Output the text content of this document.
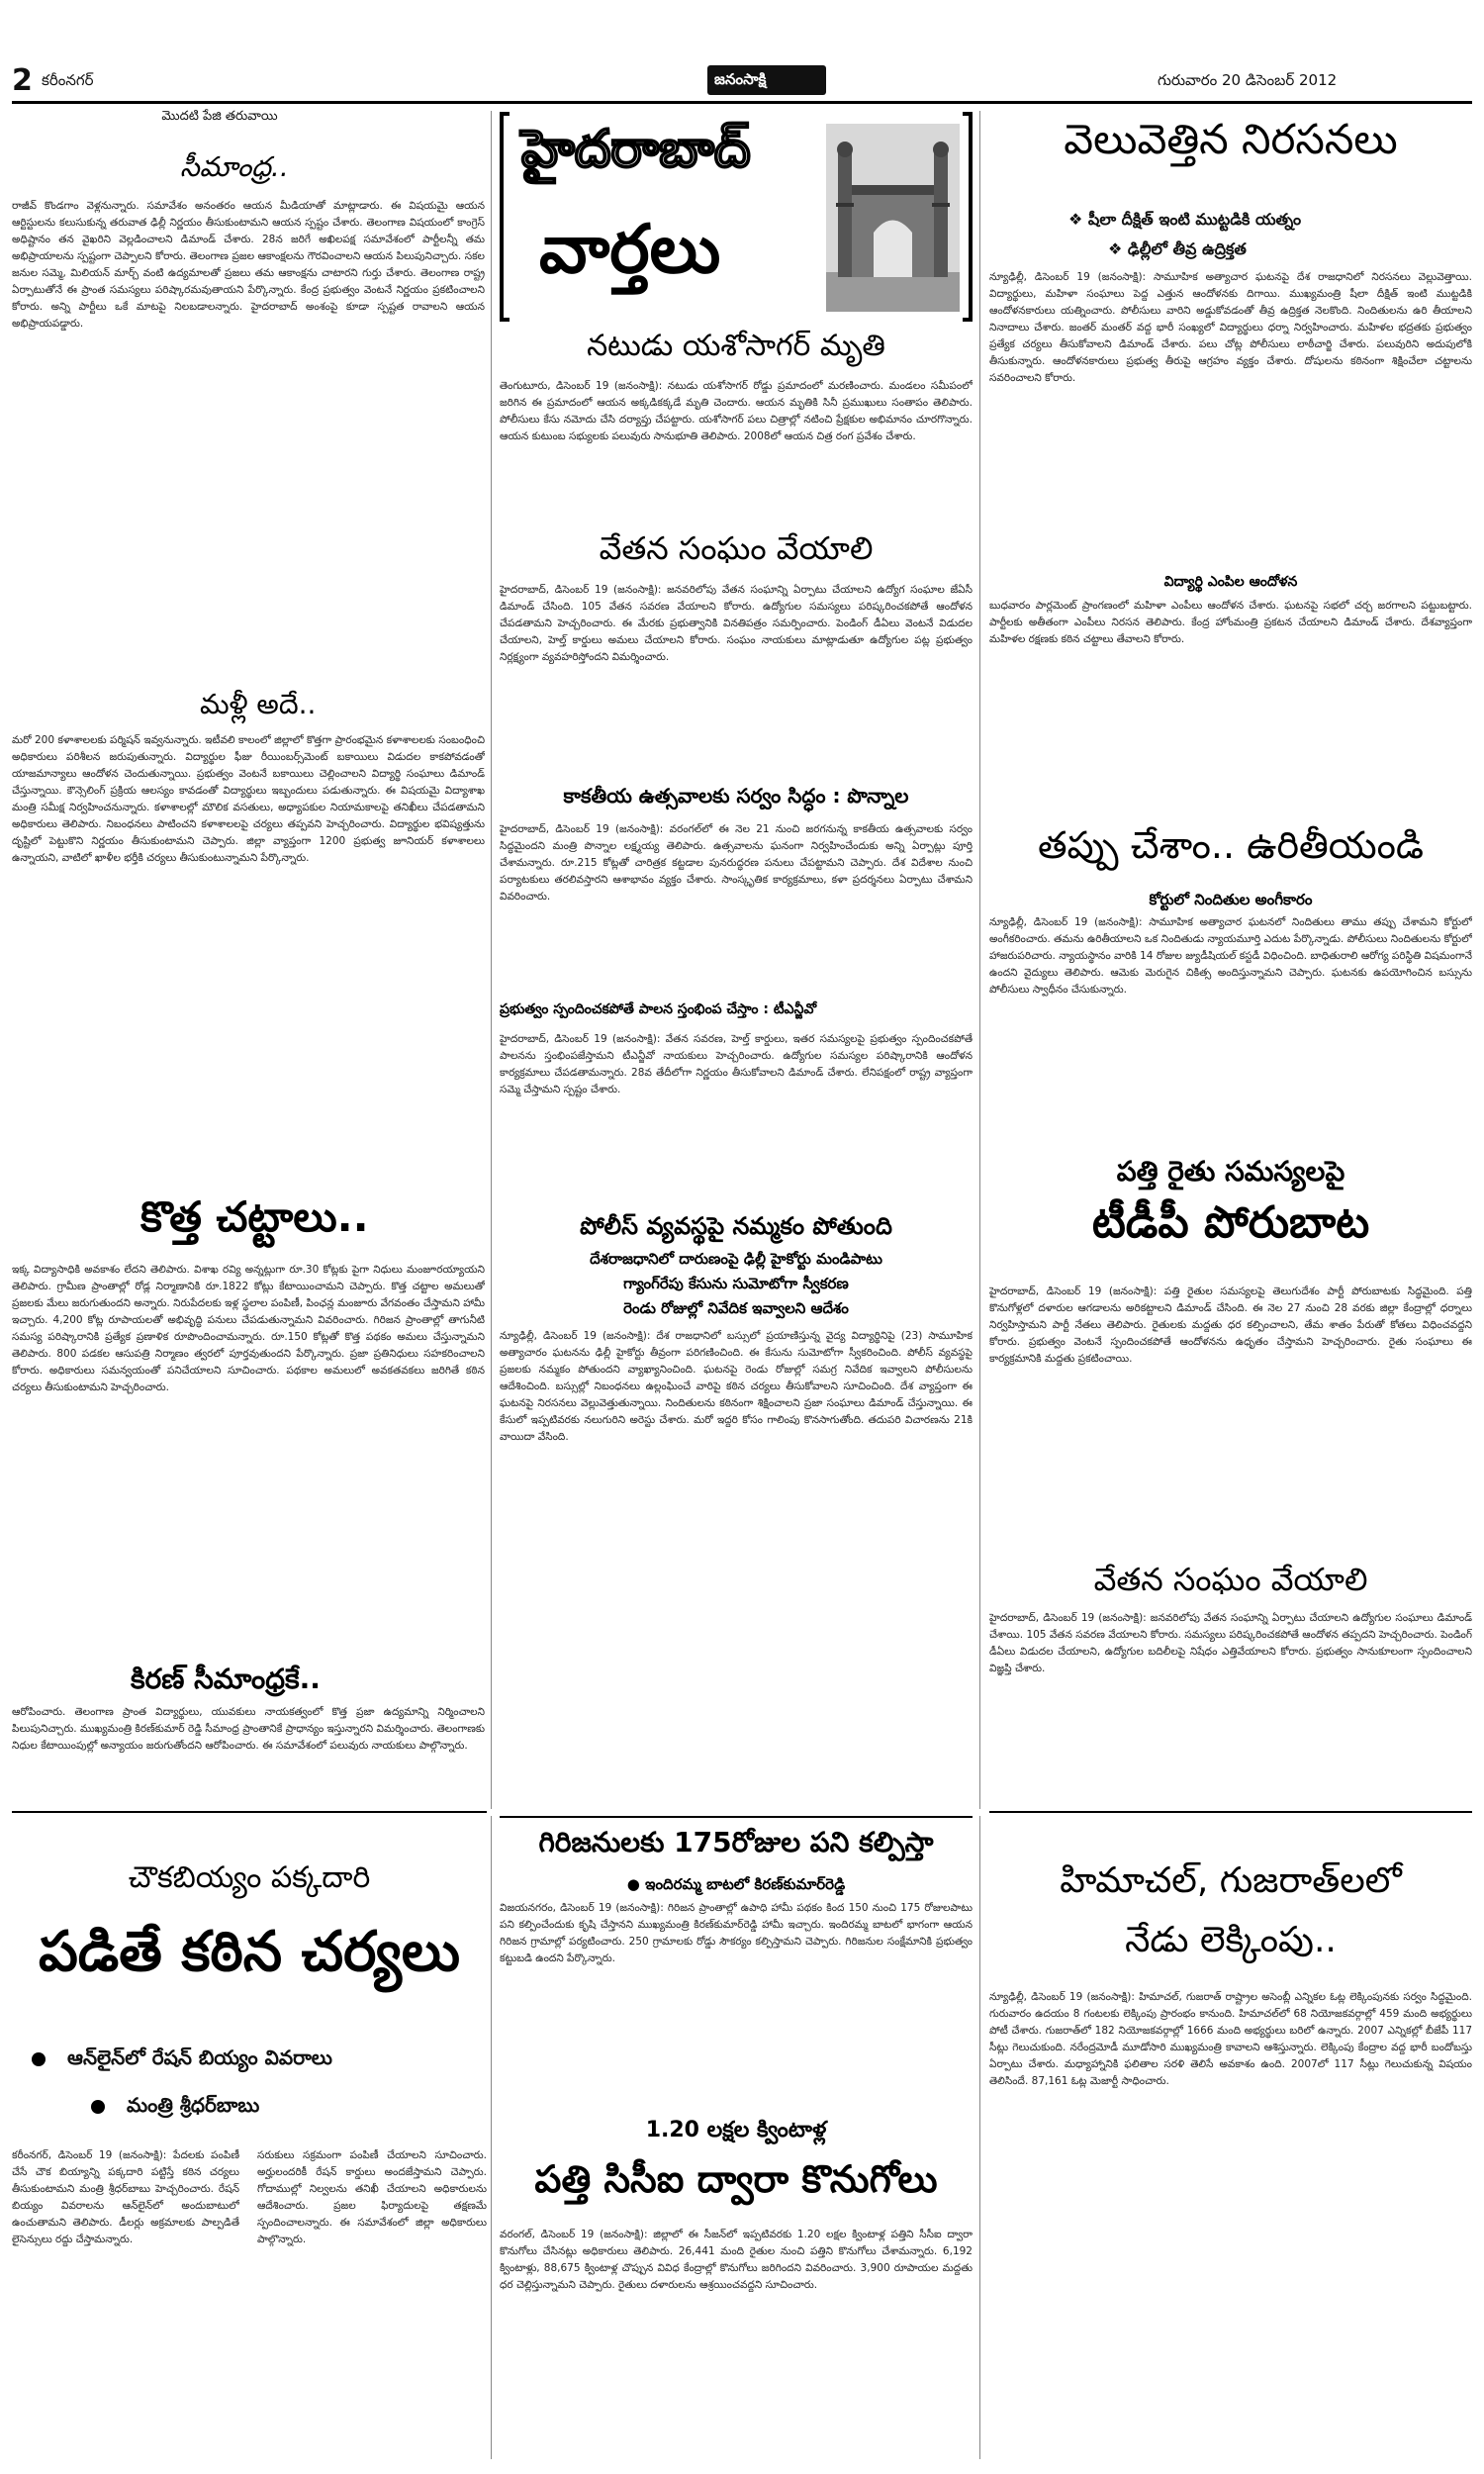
2 కరీంనగర్	జనంసాక్షి	గురువారం 20 డిసెంబర్ 2012
మొదటి పేజి తరువాయి
సీమాంధ్ర..
రాజీవ్‌ కొండగాం వెళ్లనున్నారు. సమావేశం అనంతరం ఆయన మీడియాతో మాట్లాడారు. ఈ విషయమై ఆయన ఆర్టిస్టులను కలుసుకున్న తరువాత ఢిల్లీ నిర్ణయం తీసుకుంటామని ఆయన స్పష్టం చేశారు. తెలంగాణ విషయంలో కాంగ్రెస్‌ అధిష్టానం తన వైఖరిని వెల్లడించాలని డిమాండ్‌ చేశారు. 28న జరిగే అఖిలపక్ష సమావేశంలో పార్టీలన్నీ తమ అభిప్రాయాలను స్పష్టంగా చెప్పాలని కోరారు. తెలంగాణ ప్రజల ఆకాంక్షలను గౌరవించాలని ఆయన పిలుపునిచ్చారు. సకల జనుల సమ్మె, మిలియన్‌ మార్చ్‌ వంటి ఉద్యమాలతో ప్రజలు తమ ఆకాంక్షను చాటారని గుర్తు చేశారు. తెలంగాణ రాష్ట్ర ఏర్పాటుతోనే ఈ ప్రాంత సమస్యలు పరిష్కారమవుతాయని పేర్కొన్నారు. కేంద్ర ప్రభుత్వం వెంటనే నిర్ణయం ప్రకటించాలని కోరారు. అన్ని పార్టీలు ఒకే మాటపై నిలబడాలన్నారు. హైదరాబాద్‌ అంశంపై కూడా స్పష్టత రావాలని ఆయన అభిప్రాయపడ్డారు.
మళ్లీ అదే..
మరో 200 కళాశాలలకు పర్మిషన్‌ ఇవ్వనున్నారు. ఇటీవలి కాలంలో జిల్లాలో కొత్తగా ప్రారంభమైన కళాశాలలకు సంబంధించి అధికారులు పరిశీలన జరుపుతున్నారు. విద్యార్థుల ఫీజు రీయింబర్స్‌మెంట్‌ బకాయిలు విడుదల కాకపోవడంతో యాజమాన్యాలు ఆందోళన చెందుతున్నాయి. ప్రభుత్వం వెంటనే బకాయిలు చెల్లించాలని విద్యార్థి సంఘాలు డిమాండ్‌ చేస్తున్నాయి. కౌన్సెలింగ్‌ ప్రక్రియ ఆలస్యం కావడంతో విద్యార్థులు ఇబ్బందులు పడుతున్నారు. ఈ విషయమై విద్యాశాఖ మంత్రి సమీక్ష నిర్వహించనున్నారు. కళాశాలల్లో మౌలిక వసతులు, అధ్యాపకుల నియామకాలపై తనిఖీలు చేపడతామని అధికారులు తెలిపారు. నిబంధనలు పాటించని కళాశాలలపై చర్యలు తప్పవని హెచ్చరించారు. విద్యార్థుల భవిష్యత్తును దృష్టిలో పెట్టుకొని నిర్ణయం తీసుకుంటామని చెప్పారు. జిల్లా వ్యాప్తంగా 1200 ప్రభుత్వ జూనియర్‌ కళాశాలలు ఉన్నాయని, వాటిలో ఖాళీల భర్తీకి చర్యలు తీసుకుంటున్నామని పేర్కొన్నారు.
కొత్త చట్టాలు..
ఇక్క విద్యాసాధికి అవకాశం లేదని తెలిపారు. విశాఖ రవ్యి అన్నట్లుగా రూ.30 కోట్లకు పైగా నిధులు మంజూరయ్యాయని తెలిపారు. గ్రామీణ ప్రాంతాల్లో రోడ్ల నిర్మాణానికి రూ.1822 కోట్లు కేటాయించామని చెప్పారు. కొత్త చట్టాల అమలుతో ప్రజలకు మేలు జరుగుతుందని అన్నారు. నిరుపేదలకు ఇళ్ల స్థలాల పంపిణీ, పింఛన్ల మంజూరు వేగవంతం చేస్తామని హామీ ఇచ్చారు. 4,200 కోట్ల రూపాయలతో అభివృద్ధి పనులు చేపడుతున్నామని వివరించారు. గిరిజన ప్రాంతాల్లో తాగునీటి సమస్య పరిష్కారానికి ప్రత్యేక ప్రణాళిక రూపొందించామన్నారు. రూ.150 కోట్లతో కొత్త పథకం అమలు చేస్తున్నామని తెలిపారు. 800 పడకల ఆసుపత్రి నిర్మాణం త్వరలో పూర్తవుతుందని పేర్కొన్నారు. ప్రజా ప్రతినిధులు సహకరించాలని కోరారు. అధికారులు సమన్వయంతో పనిచేయాలని సూచించారు. పథకాల అమలులో అవకతవకలు జరిగితే కఠిన చర్యలు తీసుకుంటామని హెచ్చరించారు.
కిరణ్‌ సీమాంధ్రకే..
ఆరోపించారు. తెలంగాణ ప్రాంత విద్యార్థులు, యువకులు నాయకత్వంలో కొత్త ప్రజా ఉద్యమాన్ని నిర్మించాలని పిలుపునిచ్చారు. ముఖ్యమంత్రి కిరణ్‌కుమార్‌ రెడ్డి సీమాంధ్ర ప్రాంతానికే ప్రాధాన్యం ఇస్తున్నారని విమర్శించారు. తెలంగాణకు నిధుల కేటాయింపుల్లో అన్యాయం జరుగుతోందని ఆరోపించారు. ఈ సమావేశంలో పలువురు నాయకులు పాల్గొన్నారు.
హైదరాబాద్
వార్తలు
నటుడు యశోసాగర్‌ మృతి
తెంగుటూరు, డిసెంబర్‌ 19 (జనంసాక్షి): నటుడు యశోసాగర్‌ రోడ్డు ప్రమాదంలో మరణించారు. మండలం సమీపంలో జరిగిన ఈ ప్రమాదంలో ఆయన అక్కడికక్కడే మృతి చెందారు. ఆయన మృతికి సినీ ప్రముఖులు సంతాపం తెలిపారు. పోలీసులు కేసు నమోదు చేసి దర్యాప్తు చేపట్టారు. యశోసాగర్‌ పలు చిత్రాల్లో నటించి ప్రేక్షకుల అభిమానం చూరగొన్నారు. ఆయన కుటుంబ సభ్యులకు పలువురు సానుభూతి తెలిపారు. 2008లో ఆయన చిత్ర రంగ ప్రవేశం చేశారు.
వేతన సంఘం వేయాలి
హైదరాబాద్‌, డిసెంబర్‌ 19 (జనంసాక్షి): జనవరిలోపు వేతన సంఘాన్ని ఏర్పాటు చేయాలని ఉద్యోగ సంఘాల జేఏసీ డిమాండ్‌ చేసింది. 105 వేతన సవరణ వేయాలని కోరారు. ఉద్యోగుల సమస్యలు పరిష్కరించకపోతే ఆందోళన చేపడతామని హెచ్చరించారు. ఈ మేరకు ప్రభుత్వానికి వినతిపత్రం సమర్పించారు. పెండింగ్‌ డీఏలు వెంటనే విడుదల చేయాలని, హెల్త్‌ కార్డులు అమలు చేయాలని కోరారు. సంఘం నాయకులు మాట్లాడుతూ ఉద్యోగుల పట్ల ప్రభుత్వం నిర్లక్ష్యంగా వ్యవహరిస్తోందని విమర్శించారు.
కాకతీయ ఉత్సవాలకు సర్వం సిద్ధం : పొన్నాల
హైదరాబాద్‌, డిసెంబర్‌ 19 (జనంసాక్షి): వరంగల్‌లో ఈ నెల 21 నుంచి జరగనున్న కాకతీయ ఉత్సవాలకు సర్వం సిద్ధమైందని మంత్రి పొన్నాల లక్ష్మయ్య తెలిపారు. ఉత్సవాలను ఘనంగా నిర్వహించేందుకు అన్ని ఏర్పాట్లు పూర్తి చేశామన్నారు. రూ.215 కోట్లతో చారిత్రక కట్టడాల పునరుద్ధరణ పనులు చేపట్టామని చెప్పారు. దేశ విదేశాల నుంచి పర్యాటకులు తరలివస్తారని ఆశాభావం వ్యక్తం చేశారు. సాంస్కృతిక కార్యక్రమాలు, కళా ప్రదర్శనలు ఏర్పాటు చేశామని వివరించారు.
ప్రభుత్వం స్పందించకపోతే పాలన స్తంభింప చేస్తాం : టీఎన్జీవో
హైదరాబాద్‌, డిసెంబర్‌ 19 (జనంసాక్షి): వేతన సవరణ, హెల్త్‌ కార్డులు, ఇతర సమస్యలపై ప్రభుత్వం స్పందించకపోతే పాలనను స్తంభింపజేస్తామని టీఎన్జీవో నాయకులు హెచ్చరించారు. ఉద్యోగుల సమస్యల పరిష్కారానికి ఆందోళన కార్యక్రమాలు చేపడతామన్నారు. 28వ తేదీలోగా నిర్ణయం తీసుకోవాలని డిమాండ్‌ చేశారు. లేనిపక్షంలో రాష్ట్ర వ్యాప్తంగా సమ్మె చేస్తామని స్పష్టం చేశారు.
పోలీస్‌ వ్యవస్థపై నమ్మకం పోతుంది
దేశరాజధానిలో దారుణంపై ఢిల్లీ హైకోర్టు మండిపాటు
గ్యాంగ్‌రేపు కేసును సుమోటోగా స్వీకరణ
రెండు రోజుల్లో నివేదిక ఇవ్వాలని ఆదేశం
న్యూఢిల్లీ, డిసెంబర్‌ 19 (జనంసాక్షి): దేశ రాజధానిలో బస్సులో ప్రయాణిస్తున్న వైద్య విద్యార్థినిపై (23) సామూహిక అత్యాచారం ఘటనను ఢిల్లీ హైకోర్టు తీవ్రంగా పరిగణించింది. ఈ కేసును సుమోటోగా స్వీకరించింది. పోలీస్‌ వ్యవస్థపై ప్రజలకు నమ్మకం పోతుందని వ్యాఖ్యానించింది. ఘటనపై రెండు రోజుల్లో సమగ్ర నివేదిక ఇవ్వాలని పోలీసులను ఆదేశించింది. బస్సుల్లో నిబంధనలు ఉల్లంఘించే వారిపై కఠిన చర్యలు తీసుకోవాలని సూచించింది. దేశ వ్యాప్తంగా ఈ ఘటనపై నిరసనలు వెల్లువెత్తుతున్నాయి. నిందితులను కఠినంగా శిక్షించాలని ప్రజా సంఘాలు డిమాండ్‌ చేస్తున్నాయి. ఈ కేసులో ఇప్పటివరకు నలుగురిని అరెస్టు చేశారు. మరో ఇద్దరి కోసం గాలింపు కొనసాగుతోంది. తదుపరి విచారణను 21కి వాయిదా వేసింది.
వెలువెత్తిన నిరసనలు
❖ షీలా దీక్షిత్‌ ఇంటి ముట్టడికి యత్నం
❖ ఢిల్లీలో తీవ్ర ఉద్రిక్తత
న్యూఢిల్లీ, డిసెంబర్‌ 19 (జనంసాక్షి): సామూహిక అత్యాచార ఘటనపై దేశ రాజధానిలో నిరసనలు వెల్లువెత్తాయి. విద్యార్థులు, మహిళా సంఘాలు పెద్ద ఎత్తున ఆందోళనకు దిగాయి. ముఖ్యమంత్రి షీలా దీక్షిత్‌ ఇంటి ముట్టడికి ఆందోళనకారులు యత్నించారు. పోలీసులు వారిని అడ్డుకోవడంతో తీవ్ర ఉద్రిక్తత నెలకొంది. నిందితులను ఉరి తీయాలని నినాదాలు చేశారు. జంతర్‌ మంతర్‌ వద్ద భారీ సంఖ్యలో విద్యార్థులు ధర్నా నిర్వహించారు. మహిళల భద్రతకు ప్రభుత్వం ప్రత్యేక చర్యలు తీసుకోవాలని డిమాండ్‌ చేశారు. పలు చోట్ల పోలీసులు లాఠీచార్జి చేశారు. పలువురిని అదుపులోకి తీసుకున్నారు. ఆందోళనకారులు ప్రభుత్వ తీరుపై ఆగ్రహం వ్యక్తం చేశారు. దోషులను కఠినంగా శిక్షించేలా చట్టాలను సవరించాలని కోరారు.
విద్యార్థి ఎంపిల ఆందోళన
బుధవారం పార్లమెంట్‌ ప్రాంగణంలో మహిళా ఎంపీలు ఆందోళన చేశారు. ఘటనపై సభలో చర్చ జరగాలని పట్టుబట్టారు. పార్టీలకు అతీతంగా ఎంపీలు నిరసన తెలిపారు. కేంద్ర హోంమంత్రి ప్రకటన చేయాలని డిమాండ్‌ చేశారు. దేశవ్యాప్తంగా మహిళల రక్షణకు కఠిన చట్టాలు తేవాలని కోరారు.
తప్పు చేశాం.. ఉరితీయండి
కోర్టులో నిందితుల అంగీకారం
న్యూఢిల్లీ, డిసెంబర్‌ 19 (జనంసాక్షి): సామూహిక అత్యాచార ఘటనలో నిందితులు తాము తప్పు చేశామని కోర్టులో అంగీకరించారు. తమను ఉరితీయాలని ఒక నిందితుడు న్యాయమూర్తి ఎదుట పేర్కొన్నాడు. పోలీసులు నిందితులను కోర్టులో హాజరుపరిచారు. న్యాయస్థానం వారికి 14 రోజుల జ్యుడీషియల్‌ కస్టడీ విధించింది. బాధితురాలి ఆరోగ్య పరిస్థితి విషమంగానే ఉందని వైద్యులు తెలిపారు. ఆమెకు మెరుగైన చికిత్స అందిస్తున్నామని చెప్పారు. ఘటనకు ఉపయోగించిన బస్సును పోలీసులు స్వాధీనం చేసుకున్నారు.
పత్తి రైతు సమస్యలపై
టీడీపీ పోరుబాట
హైదరాబాద్‌, డిసెంబర్‌ 19 (జనంసాక్షి): పత్తి రైతుల సమస్యలపై తెలుగుదేశం పార్టీ పోరుబాటకు సిద్ధమైంది. పత్తి కొనుగోళ్లలో దళారుల ఆగడాలను అరికట్టాలని డిమాండ్‌ చేసింది. ఈ నెల 27 నుంచి 28 వరకు జిల్లా కేంద్రాల్లో ధర్నాలు నిర్వహిస్తామని పార్టీ నేతలు తెలిపారు. రైతులకు మద్దతు ధర కల్పించాలని, తేమ శాతం పేరుతో కోతలు విధించవద్దని కోరారు. ప్రభుత్వం వెంటనే స్పందించకపోతే ఆందోళనను ఉధృతం చేస్తామని హెచ్చరించారు. రైతు సంఘాలు ఈ కార్యక్రమానికి మద్దతు ప్రకటించాయి.
వేతన సంఘం వేయాలి
హైదరాబాద్‌, డిసెంబర్‌ 19 (జనంసాక్షి): జనవరిలోపు వేతన సంఘాన్ని ఏర్పాటు చేయాలని ఉద్యోగుల సంఘాలు డిమాండ్‌ చేశాయి. 105 వేతన సవరణ వేయాలని కోరారు. సమస్యలు పరిష్కరించకపోతే ఆందోళన తప్పదని హెచ్చరించారు. పెండింగ్‌ డీఏలు విడుదల చేయాలని, ఉద్యోగుల బదిలీలపై నిషేధం ఎత్తివేయాలని కోరారు. ప్రభుత్వం సానుకూలంగా స్పందించాలని విజ్ఞప్తి చేశారు.
చౌకబియ్యం పక్కదారి
పడితే కఠిన చర్యలు
ఆన్‌లైన్‌లో రేషన్‌ బియ్యం వివరాలు
మంత్రి శ్రీధర్‌బాబు
కరీంనగర్‌, డిసెంబర్‌ 19 (జనంసాక్షి): పేదలకు పంపిణీ చేసే చౌక బియ్యాన్ని పక్కదారి పట్టిస్తే కఠిన చర్యలు తీసుకుంటామని మంత్రి శ్రీధర్‌బాబు హెచ్చరించారు. రేషన్‌ బియ్యం వివరాలను ఆన్‌లైన్‌లో అందుబాటులో ఉంచుతామని తెలిపారు. డీలర్లు అక్రమాలకు పాల్పడితే లైసెన్సులు రద్దు చేస్తామన్నారు.
సరుకులు సక్రమంగా పంపిణీ చేయాలని సూచించారు. అర్హులందరికీ రేషన్‌ కార్డులు అందజేస్తామని చెప్పారు. గోదాముల్లో నిల్వలను తనిఖీ చేయాలని అధికారులను ఆదేశించారు. ప్రజల ఫిర్యాదులపై తక్షణమే స్పందించాలన్నారు. ఈ సమావేశంలో జిల్లా అధికారులు పాల్గొన్నారు.
గిరిజనులకు 175రోజుల పని కల్పిస్తా
● ఇందిరమ్మ బాటలో కిరణ్‌కుమార్‌రెడ్డి
విజయనగరం, డిసెంబర్‌ 19 (జనంసాక్షి): గిరిజన ప్రాంతాల్లో ఉపాధి హామీ పథకం కింద 150 నుంచి 175 రోజులపాటు పని కల్పించేందుకు కృషి చేస్తానని ముఖ్యమంత్రి కిరణ్‌కుమార్‌రెడ్డి హామీ ఇచ్చారు. ఇందిరమ్మ బాటలో భాగంగా ఆయన గిరిజన గ్రామాల్లో పర్యటించారు. 250 గ్రామాలకు రోడ్డు సౌకర్యం కల్పిస్తామని చెప్పారు. గిరిజనుల సంక్షేమానికి ప్రభుత్వం కట్టుబడి ఉందని పేర్కొన్నారు.
1.20 లక్షల క్వింటాళ్ల
పత్తి సిసీఐ ద్వారా కొనుగోలు
వరంగల్‌, డిసెంబర్‌ 19 (జనంసాక్షి): జిల్లాలో ఈ సీజన్‌లో ఇప్పటివరకు 1.20 లక్షల క్వింటాళ్ల పత్తిని సీసీఐ ద్వారా కొనుగోలు చేసినట్లు అధికారులు తెలిపారు. 26,441 మంది రైతుల నుంచి పత్తిని కొనుగోలు చేశామన్నారు. 6,192 క్వింటాళ్లు, 88,675 క్వింటాళ్ల చొప్పున వివిధ కేంద్రాల్లో కొనుగోలు జరిగిందని వివరించారు. 3,900 రూపాయల మద్దతు ధర చెల్లిస్తున్నామని చెప్పారు. రైతులు దళారులను ఆశ్రయించవద్దని సూచించారు.
హిమాచల్‌, గుజరాత్‌లలో
నేడు లెక్కింపు..
న్యూఢిల్లీ, డిసెంబర్‌ 19 (జనంసాక్షి): హిమాచల్‌, గుజరాత్‌ రాష్ట్రాల అసెంబ్లీ ఎన్నికల ఓట్ల లెక్కింపునకు సర్వం సిద్ధమైంది. గురువారం ఉదయం 8 గంటలకు లెక్కింపు ప్రారంభం కానుంది. హిమాచల్‌లో 68 నియోజకవర్గాల్లో 459 మంది అభ్యర్థులు పోటీ చేశారు. గుజరాత్‌లో 182 నియోజకవర్గాల్లో 1666 మంది అభ్యర్థులు బరిలో ఉన్నారు. 2007 ఎన్నికల్లో బీజేపీ 117 సీట్లు గెలుచుకుంది. నరేంద్రమోడీ మూడోసారి ముఖ్యమంత్రి కావాలని ఆశిస్తున్నారు. లెక్కింపు కేంద్రాల వద్ద భారీ బందోబస్తు ఏర్పాటు చేశారు. మధ్యాహ్నానికి ఫలితాల సరళి తెలిసే అవకాశం ఉంది. 2007లో 117 సీట్లు గెలుచుకున్న విషయం తెలిసిందే. 87,161 ఓట్ల మెజార్టీ సాధించారు.
